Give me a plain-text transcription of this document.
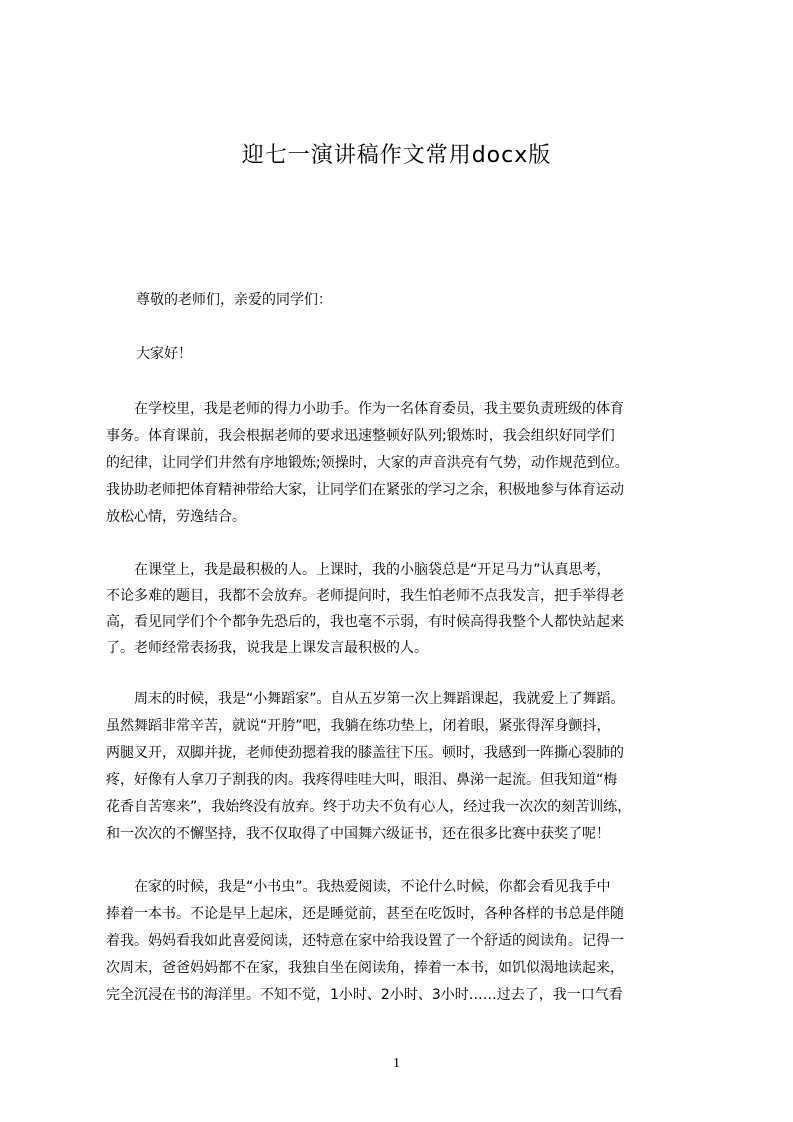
迎七一演讲稿作文常用docx版
尊敬的老师们，亲爱的同学们：
大家好！
　　在学校里，我是老师的得力小助手。作为一名体育委员，我主要负责班级的体育
事务。体育课前，我会根据老师的要求迅速整顿好队列;锻炼时，我会组织好同学们
的纪律，让同学们井然有序地锻炼;领操时，大家的声音洪亮有气势，动作规范到位。
我协助老师把体育精神带给大家，让同学们在紧张的学习之余，积极地参与体育运动
放松心情，劳逸结合。
　　在课堂上，我是最积极的人。上课时，我的小脑袋总是“开足马力”认真思考，
不论多难的题目，我都不会放弃。老师提问时，我生怕老师不点我发言，把手举得老
高，看见同学们个个都争先恐后的，我也毫不示弱，有时候高得我整个人都快站起来
了。老师经常表扬我，说我是上课发言最积极的人。
　　周末的时候，我是“小舞蹈家”。自从五岁第一次上舞蹈课起，我就爱上了舞蹈。
虽然舞蹈非常辛苦，就说“开胯”吧，我躺在练功垫上，闭着眼，紧张得浑身颤抖，
两腿叉开，双脚并拢，老师使劲摁着我的膝盖往下压。顿时，我感到一阵撕心裂肺的
疼，好像有人拿刀子割我的肉。我疼得哇哇大叫，眼泪、鼻涕一起流。但我知道“梅
花香自苦寒来”，我始终没有放弃。终于功夫不负有心人，经过我一次次的刻苦训练，
和一次次的不懈坚持，我不仅取得了中国舞六级证书，还在很多比赛中获奖了呢！
　　在家的时候，我是“小书虫”。我热爱阅读，不论什么时候，你都会看见我手中
捧着一本书。不论是早上起床，还是睡觉前，甚至在吃饭时，各种各样的书总是伴随
着我。妈妈看我如此喜爱阅读，还特意在家中给我设置了一个舒适的阅读角。记得一
次周末，爸爸妈妈都不在家，我独自坐在阅读角，捧着一本书，如饥似渴地读起来，
完全沉浸在书的海洋里。不知不觉，1小时、2小时、3小时……过去了，我一口气看
1
